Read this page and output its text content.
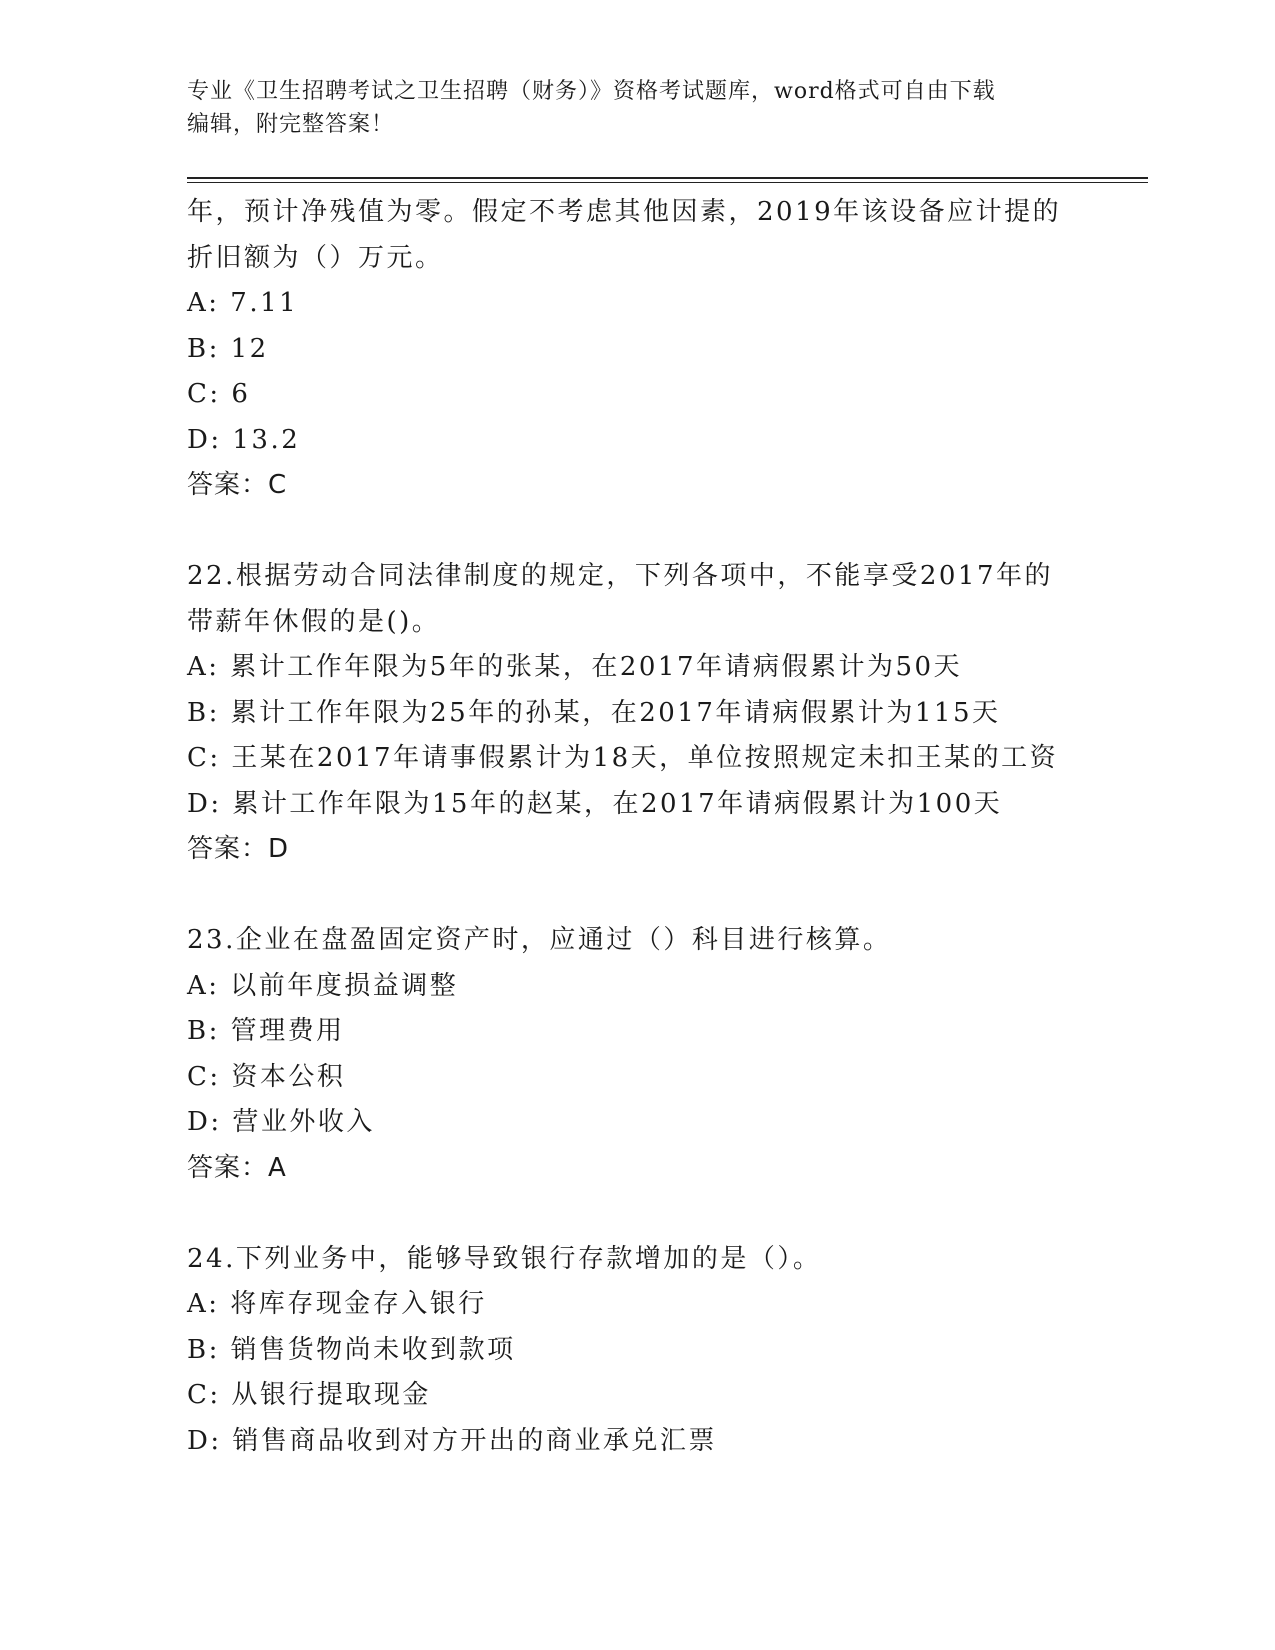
专业《卫生招聘考试之卫生招聘（财务）》资格考试题库，word格式可自由下载
编辑，附完整答案！
年，预计净残值为零。假定不考虑其他因素，2019年该设备应计提的
折旧额为（）万元。
A: 7.11
B: 12
C: 6
D: 13.2
答案：C
22.根据劳动合同法律制度的规定，下列各项中，不能享受2017年的
带薪年休假的是()。
A: 累计工作年限为5年的张某，在2017年请病假累计为50天
B: 累计工作年限为25年的孙某，在2017年请病假累计为115天
C: 王某在2017年请事假累计为18天，单位按照规定未扣王某的工资
D: 累计工作年限为15年的赵某，在2017年请病假累计为100天
答案：D
23.企业在盘盈固定资产时，应通过（）科目进行核算。
A: 以前年度损益调整
B: 管理费用
C: 资本公积
D: 营业外收入
答案：A
24.下列业务中，能够导致银行存款增加的是（）。
A: 将库存现金存入银行
B: 销售货物尚未收到款项
C: 从银行提取现金
D: 销售商品收到对方开出的商业承兑汇票
